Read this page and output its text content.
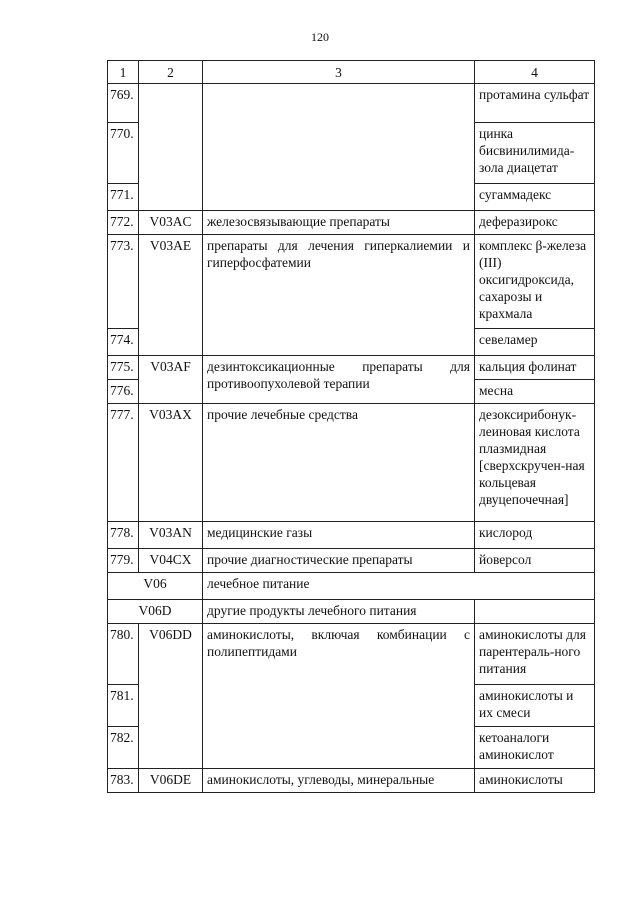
120
1	2	3	4
769.			протамина сульфат
770.			цинка бисвинилимида-зола диацетат
771.			сугаммадекс
772.	V03AC	железосвязывающие препараты	деферазирокс
773.	V03AE	препараты для лечения гиперкалиемии и гиперфосфатемии	комплекс β-железа (III) оксигидроксида, сахарозы и крахмала
774.			севеламер
775.	V03AF	дезинтоксикационные препараты для противоопухолевой терапии	кальция фолинат
776.			месна
777.	V03AX	прочие лечебные средства	дезоксирибонук-леиновая кислота плазмидная [сверхскручен-ная кольцевая двуцепочечная]
778.	V03AN	медицинские газы	кислород
779.	V04CX	прочие диагностические препараты	йоверсол
V06		лечебное питание	
V06D		другие продукты лечебного питания	
780.	V06DD	аминокислоты, включая комбинации с полипептидами	аминокислоты для парентераль-ного питания
781.			аминокислоты и их смеси
782.			кетоаналоги аминокислот
783.	V06DE	аминокислоты, углеводы, минеральные	аминокислоты
